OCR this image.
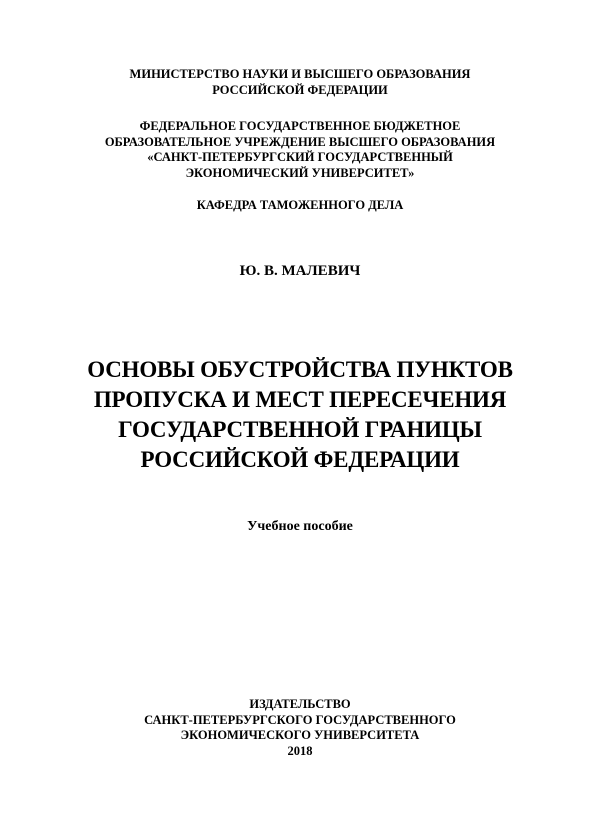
МИНИСТЕРСТВО НАУКИ И ВЫСШЕГО ОБРАЗОВАНИЯ
РОССИЙСКОЙ ФЕДЕРАЦИИ
ФЕДЕРАЛЬНОЕ ГОСУДАРСТВЕННОЕ БЮДЖЕТНОЕ
ОБРАЗОВАТЕЛЬНОЕ УЧРЕЖДЕНИЕ ВЫСШЕГО ОБРАЗОВАНИЯ
«САНКТ-ПЕТЕРБУРГСКИЙ ГОСУДАРСТВЕННЫЙ
ЭКОНОМИЧЕСКИЙ УНИВЕРСИТЕТ»
КАФЕДРА ТАМОЖЕННОГО ДЕЛА
Ю. В. МАЛЕВИЧ
ОСНОВЫ ОБУСТРОЙСТВА ПУНКТОВ
ПРОПУСКА И МЕСТ ПЕРЕСЕЧЕНИЯ
ГОСУДАРСТВЕННОЙ ГРАНИЦЫ
РОССИЙСКОЙ ФЕДЕРАЦИИ
Учебное пособие
ИЗДАТЕЛЬСТВО
САНКТ-ПЕТЕРБУРГСКОГО ГОСУДАРСТВЕННОГО
ЭКОНОМИЧЕСКОГО УНИВЕРСИТЕТА
2018
